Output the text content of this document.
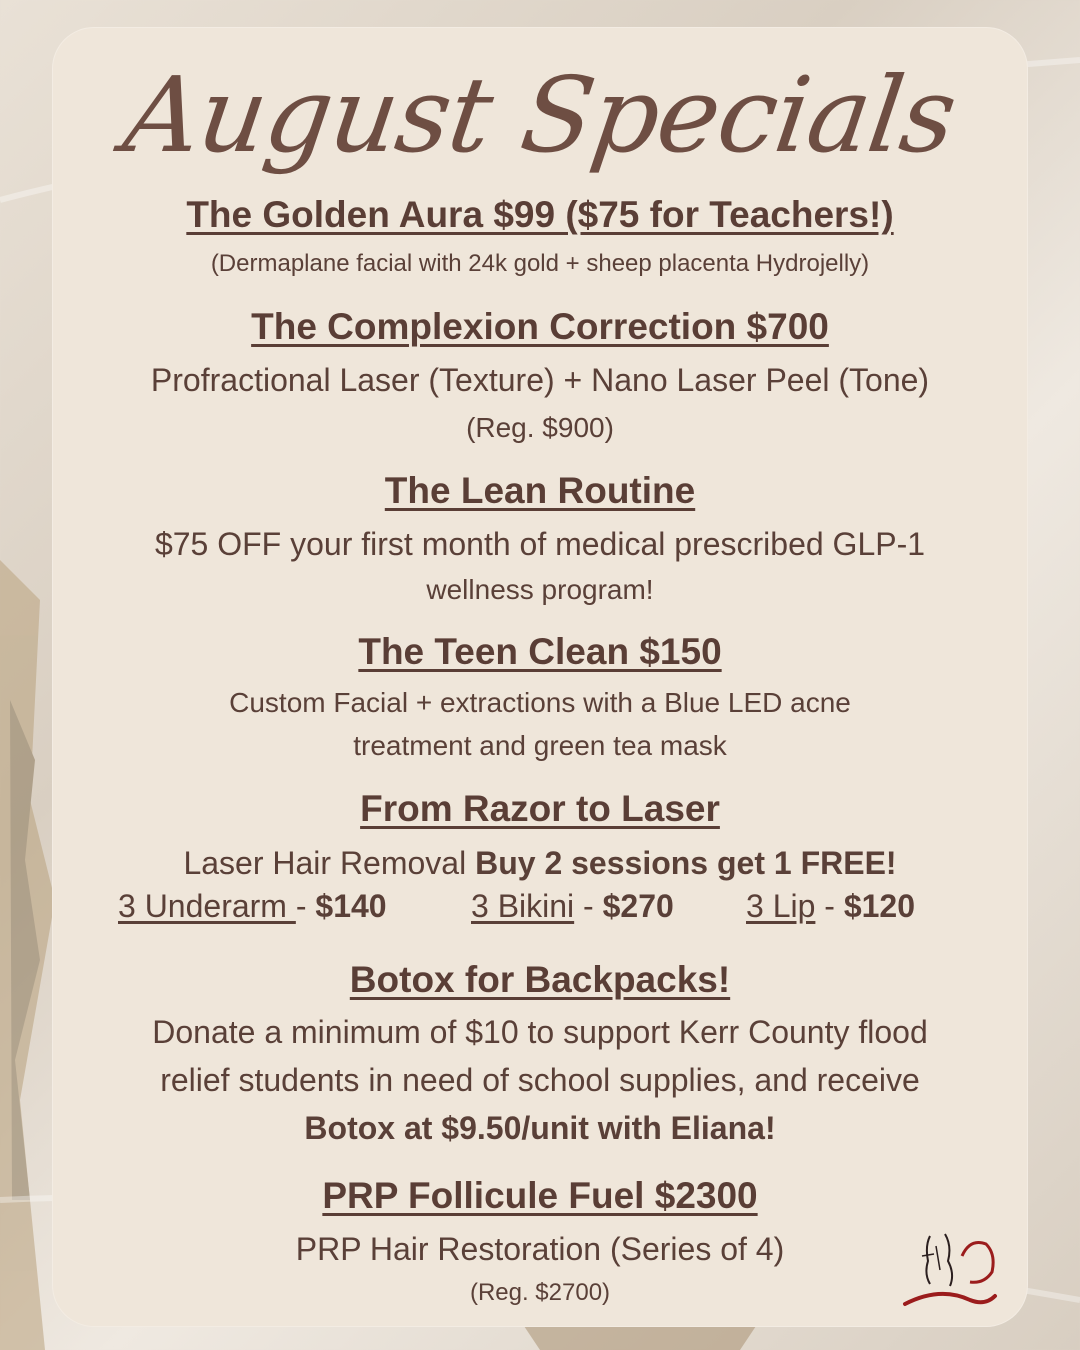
August Specials
The Golden Aura $99 ($75 for Teachers!)
(Dermaplane facial with 24k gold + sheep placenta Hydrojelly)
The Complexion Correction $700
Profractional Laser (Texture) + Nano Laser Peel (Tone)
(Reg. $900)
The Lean Routine
$75 OFF your first month of medical prescribed GLP-1
wellness program!
The Teen Clean $150
Custom Facial + extractions with a Blue LED acne
treatment and green tea mask
From Razor to Laser
Laser Hair Removal Buy 2 sessions get 1 FREE!
3 Underarm - $140	3 Bikini - $270 3 Lip - $120
Botox for Backpacks!
Donate a minimum of $10 to support Kerr County flood
relief students in need of school supplies, and receive
Botox at $9.50/unit with Eliana!
PRP Follicule Fuel $2300
PRP Hair Restoration (Series of 4)
(Reg. $2700)
